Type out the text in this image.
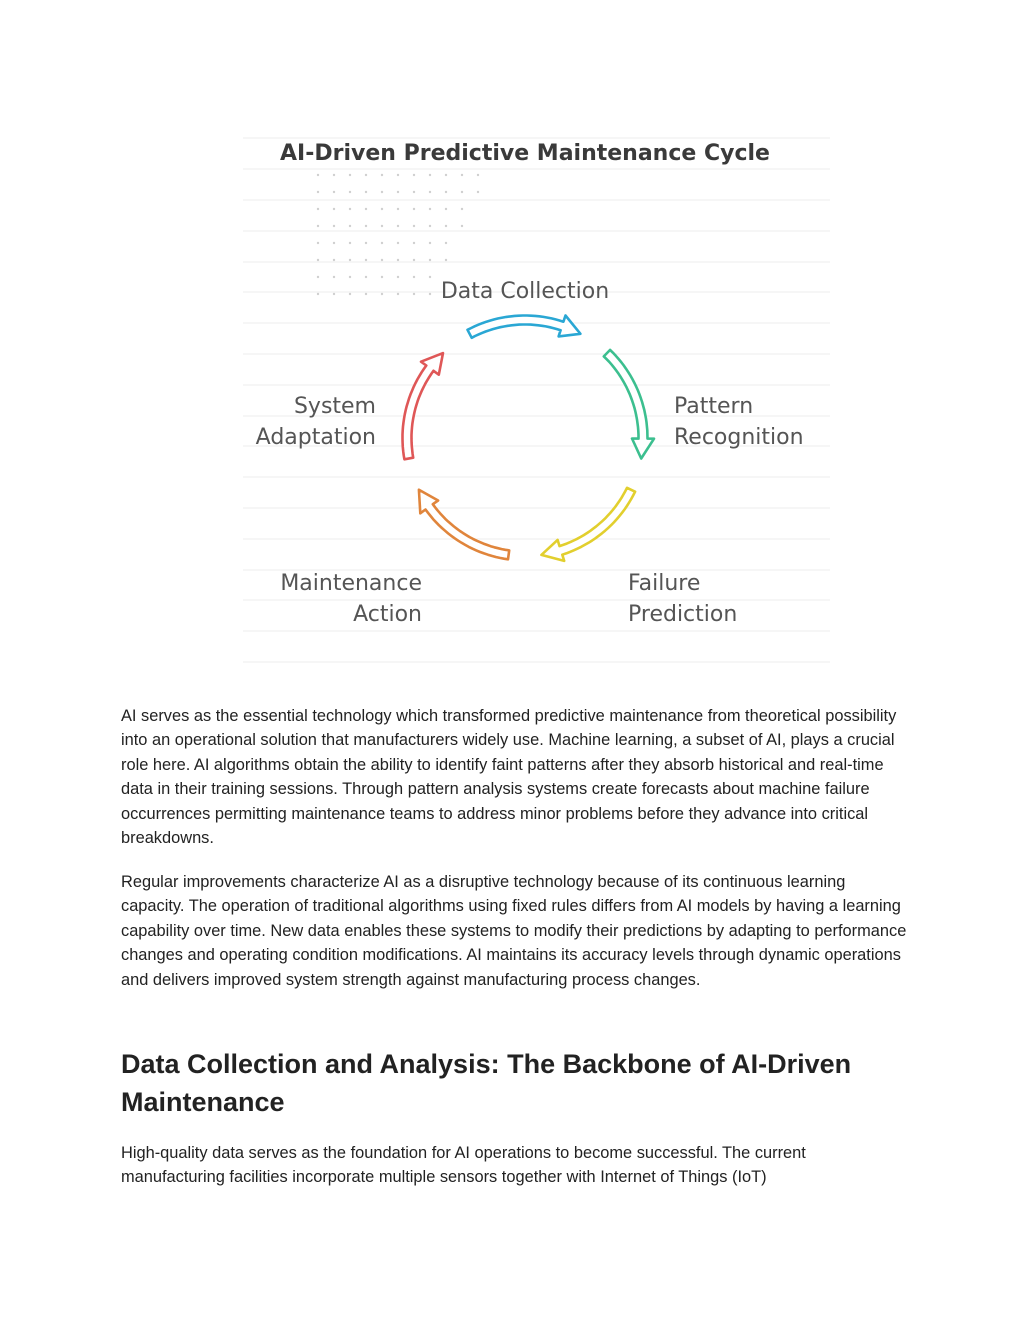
AI-Driven Predictive Maintenance Cycle
Data Collection
Pattern
Recognition
Failure
Prediction
Maintenance
Action
System
Adaptation

AI serves as the essential technology which transformed predictive maintenance from theoretical possibility into an operational solution that manufacturers widely use. Machine learning, a subset of AI, plays a crucial role here. AI algorithms obtain the ability to identify faint patterns after they absorb historical and real-time data in their training sessions. Through pattern analysis systems create forecasts about machine failure occurrences permitting maintenance teams to address minor problems before they advance into critical breakdowns.

Regular improvements characterize AI as a disruptive technology because of its continuous learning capacity. The operation of traditional algorithms using fixed rules differs from AI models by having a learning capability over time. New data enables these systems to modify their predictions by adapting to performance changes and operating condition modifications. AI maintains its accuracy levels through dynamic operations and delivers improved system strength against manufacturing process changes.

Data Collection and Analysis: The Backbone of AI-Driven Maintenance

High-quality data serves as the foundation for AI operations to become successful. The current manufacturing facilities incorporate multiple sensors together with Internet of Things (IoT)
